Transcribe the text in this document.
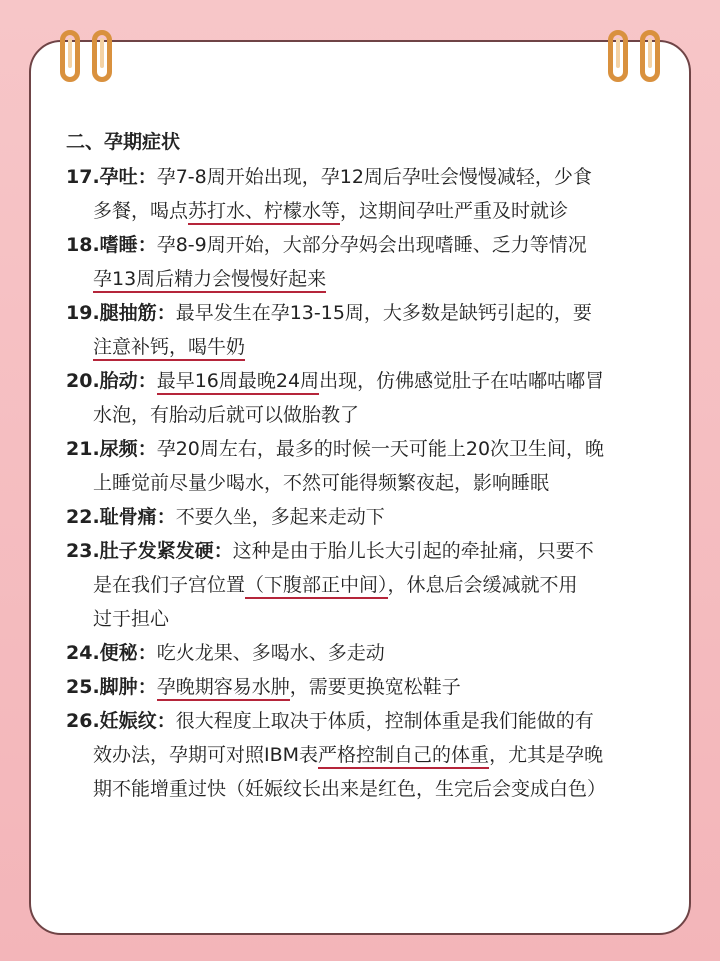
二、孕期症状

17.孕吐：孕7-8周开始出现，孕12周后孕吐会慢慢减轻，少食
多餐，喝点苏打水、柠檬水等，这期间孕吐严重及时就诊

18.嗜睡：孕8-9周开始，大部分孕妈会出现嗜睡、乏力等情况
孕13周后精力会慢慢好起来

19.腿抽筋：最早发生在孕13-15周，大多数是缺钙引起的，要
注意补钙，喝牛奶

20.胎动：最早16周最晚24周出现，仿佛感觉肚子在咕嘟咕嘟冒
水泡，有胎动后就可以做胎教了

21.尿频：孕20周左右，最多的时候一天可能上20次卫生间，晚
上睡觉前尽量少喝水，不然可能得频繁夜起，影响睡眠

22.耻骨痛：不要久坐，多起来走动下

23.肚子发紧发硬：这种是由于胎儿长大引起的牵扯痛，只要不
是在我们子宫位置（下腹部正中间），休息后会缓减就不用
过于担心

24.便秘：吃火龙果、多喝水、多走动

25.脚肿：孕晚期容易水肿，需要更换宽松鞋子

26.妊娠纹：很大程度上取决于体质，控制体重是我们能做的有
效办法，孕期可对照IBM表严格控制自己的体重，尤其是孕晚
期不能增重过快（妊娠纹长出来是红色，生完后会变成白色）
